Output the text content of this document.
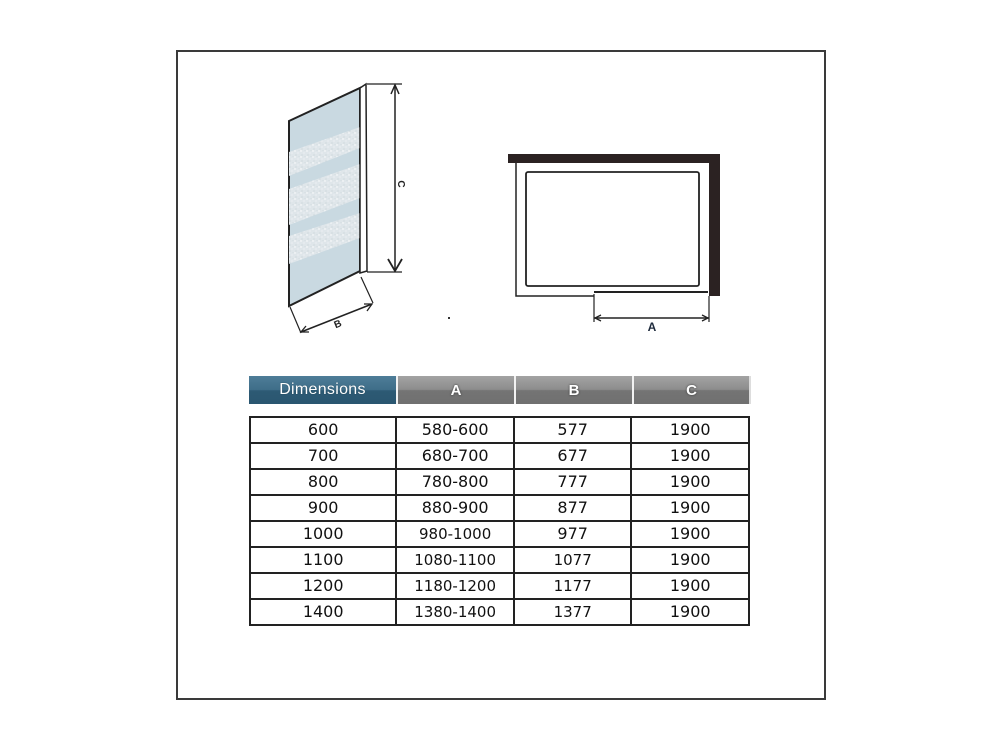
C
B	A
Dimensions	A	B	C
600	580-600	577	1900
700	680-700	677	1900
800	780-800	777	1900
900	880-900	877	1900
1000	980-1000	977	1900
1100	1080-1100	1077	1900
1200	1180-1200	1177	1900
1400	1380-1400	1377	1900
